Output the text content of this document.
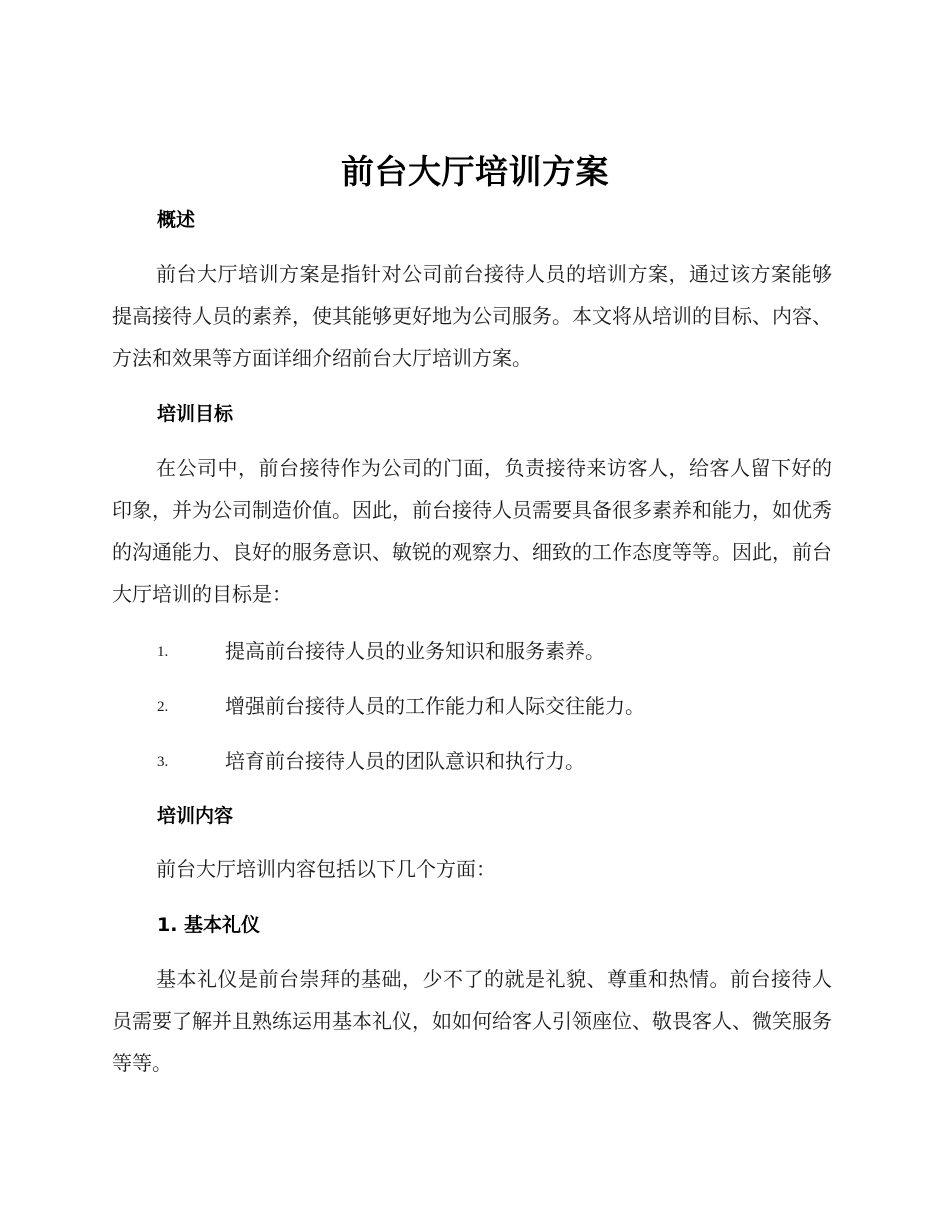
前台大厅培训方案
概述
前台大厅培训方案是指针对公司前台接待人员的培训方案，通过该方案能够提高接待人员的素养，使其能够更好地为公司服务。本文将从培训的目标、内容、方法和效果等方面详细介绍前台大厅培训方案。
培训目标
在公司中，前台接待作为公司的门面，负责接待来访客人，给客人留下好的印象，并为公司制造价值。因此，前台接待人员需要具备很多素养和能力，如优秀的沟通能力、良好的服务意识、敏锐的观察力、细致的工作态度等等。因此，前台大厅培训的目标是：
1.	提高前台接待人员的业务知识和服务素养。
2.	增强前台接待人员的工作能力和人际交往能力。
3.	培育前台接待人员的团队意识和执行力。
培训内容
前台大厅培训内容包括以下几个方面：
1. 基本礼仪
基本礼仪是前台崇拜的基础，少不了的就是礼貌、尊重和热情。前台接待人员需要了解并且熟练运用基本礼仪，如如何给客人引领座位、敬畏客人、微笑服务等等。
